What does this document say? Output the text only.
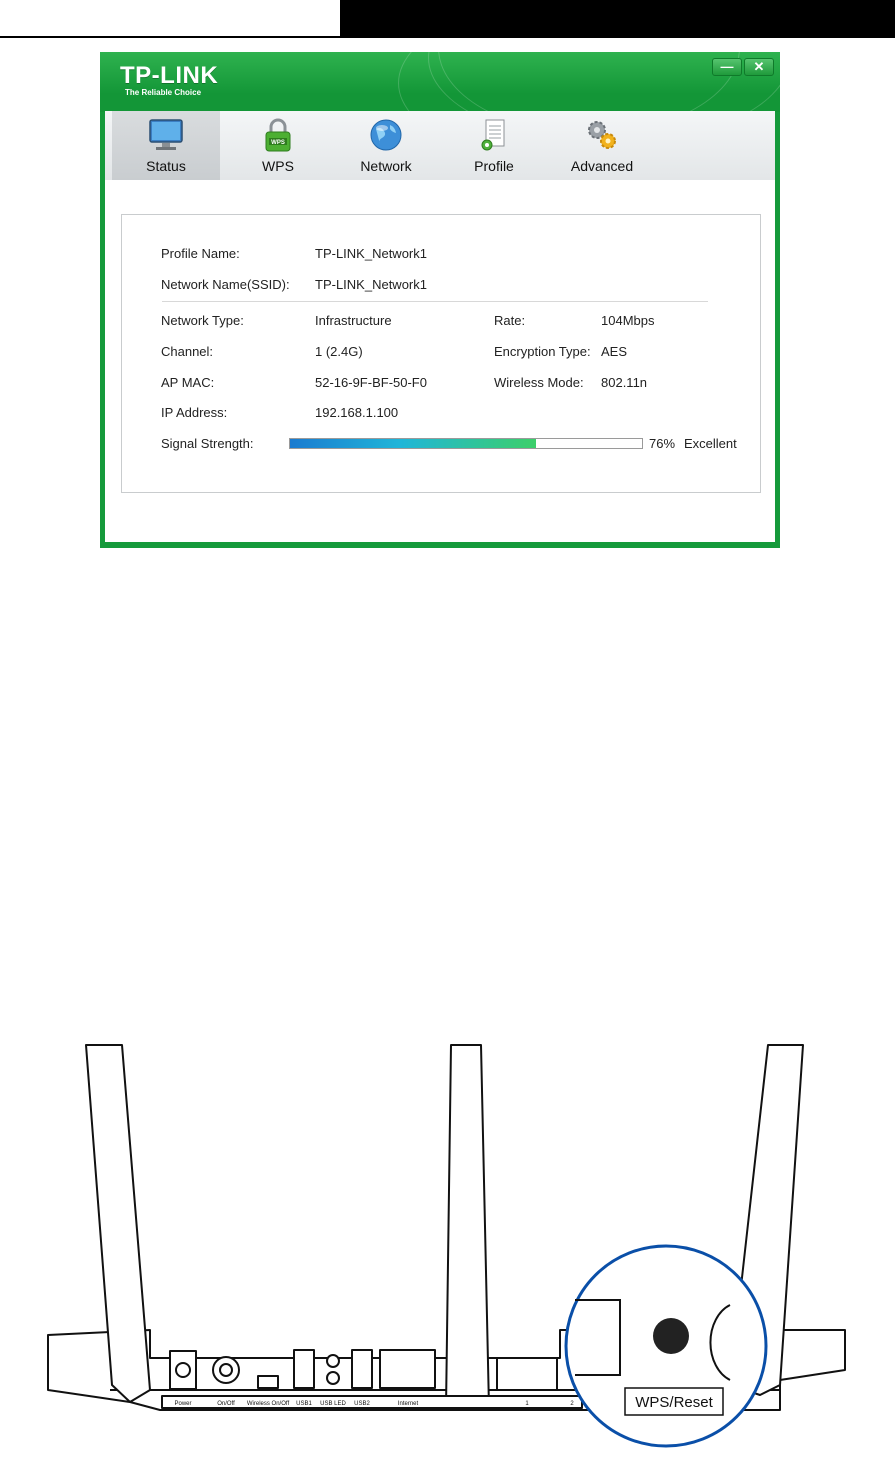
TP-LINK
The Reliable Choice
—	✕
Status
WPS
WPS	Network	Profile	Advanced
Profile Name:	TP-LINK_Network1
Network Name(SSID): TP-LINK_Network1
Network Type:	Infrastructure	Rate:	104Mbps
Channel:	1 (2.4G)	Encryption Type: AES
AP MAC:	52-16-9F-BF-50-F0	Wireless Mode: 802.11n
IP Address:	192.168.1.100
Signal Strength:	76% Excellent
Power	On/Off Wireless On/Off USB1 USB LED USB2	Internet	1	2	WPS/Reset
